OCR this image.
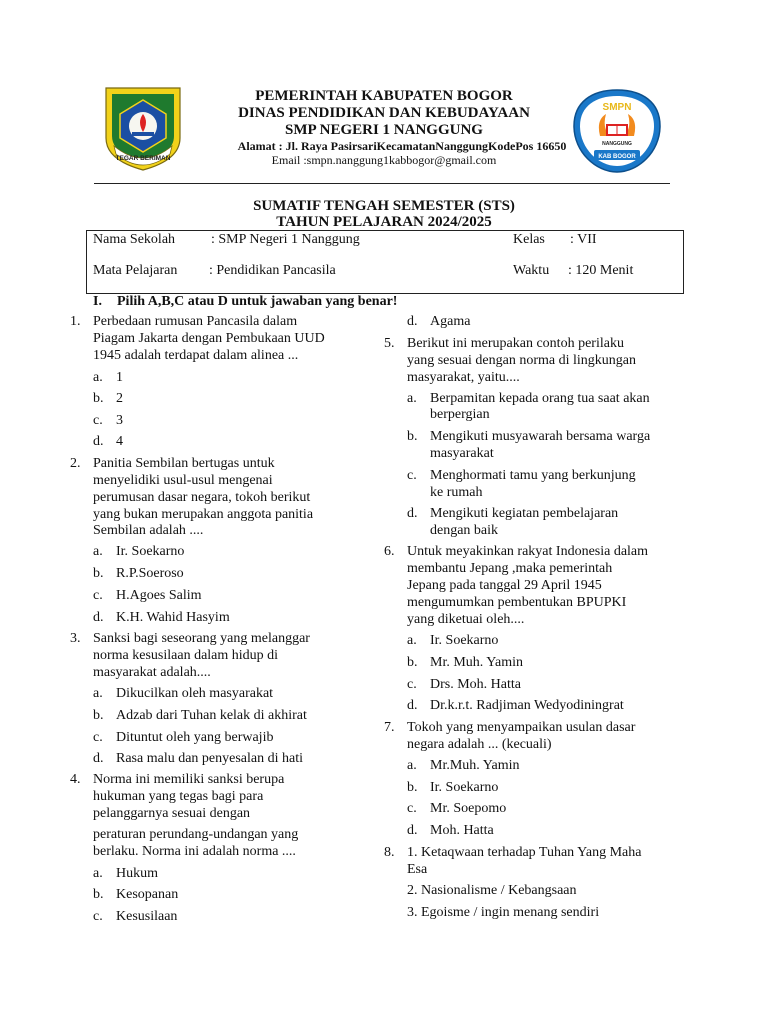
TEGAR BERIMAN
SMPN
NANGGUNG
KAB BOGOR
PEMERINTAH KABUPATEN BOGOR
DINAS PENDIDIKAN DAN KEBUDAYAAN
SMP NEGERI 1 NANGGUNG
Alamat : Jl. Raya PasirsariKecamatanNanggungKodePos 16650
Email :smpn.nanggung1kabbogor@gmail.com
SUMATIF TENGAH SEMESTER (STS)
TAHUN PELAJARAN 2024/2025
Nama Sekolah	: SMP Negeri 1 Nanggung	Kelas : VII
Mata Pelajaran : Pendidikan Pancasila	Waktu : 120 Menit
I. Pilih A,B,C atau D untuk jawaban yang benar!
1. Perbedaan rumusan Pancasila dalam
Piagam Jakarta dengan Pembukaan UUD
1945 adalah terdapat dalam alinea ...
a. 1
b. 2
c. 3
d. 4
2. Panitia Sembilan bertugas untuk
menyelidiki usul-usul mengenai
perumusan dasar negara, tokoh berikut
yang bukan merupakan anggota panitia
Sembilan adalah ....
a. Ir. Soekarno
b. R.P.Soeroso
c. H.Agoes Salim
d. K.H. Wahid Hasyim
3. Sanksi bagi seseorang yang melanggar
norma kesusilaan dalam hidup di
masyarakat adalah....
a. Dikucilkan oleh masyarakat
b. Adzab dari Tuhan kelak di akhirat
c. Dituntut oleh yang berwajib
d. Rasa malu dan penyesalan di hati
4. Norma ini memiliki sanksi berupa
hukuman yang tegas bagi para
pelanggarnya sesuai dengan
peraturan perundang-undangan yang
berlaku. Norma ini adalah norma ....
a. Hukum
b. Kesopanan
c. Kesusilaan
d. Agama
5. Berikut ini merupakan contoh perilaku
yang sesuai dengan norma di lingkungan
masyarakat, yaitu....
a. Berpamitan kepada orang tua saat akan
berpergian
b. Mengikuti musyawarah bersama warga
masyarakat
c. Menghormati tamu yang berkunjung
ke rumah
d. Mengikuti kegiatan pembelajaran
dengan baik
6. Untuk meyakinkan rakyat Indonesia dalam
membantu Jepang ,maka pemerintah
Jepang pada tanggal 29 April 1945
mengumumkan pembentukan BPUPKI
yang diketuai oleh....
a. Ir. Soekarno
b. Mr. Muh. Yamin
c. Drs. Moh. Hatta
d. Dr.k.r.t. Radjiman Wedyodiningrat
7. Tokoh yang menyampaikan usulan dasar
negara adalah ... (kecuali)
a. Mr.Muh. Yamin
b. Ir. Soekarno
c. Mr. Soepomo
d. Moh. Hatta
8. 1. Ketaqwaan terhadap Tuhan Yang Maha
Esa
2. Nasionalisme / Kebangsaan
3. Egoisme / ingin menang sendiri
